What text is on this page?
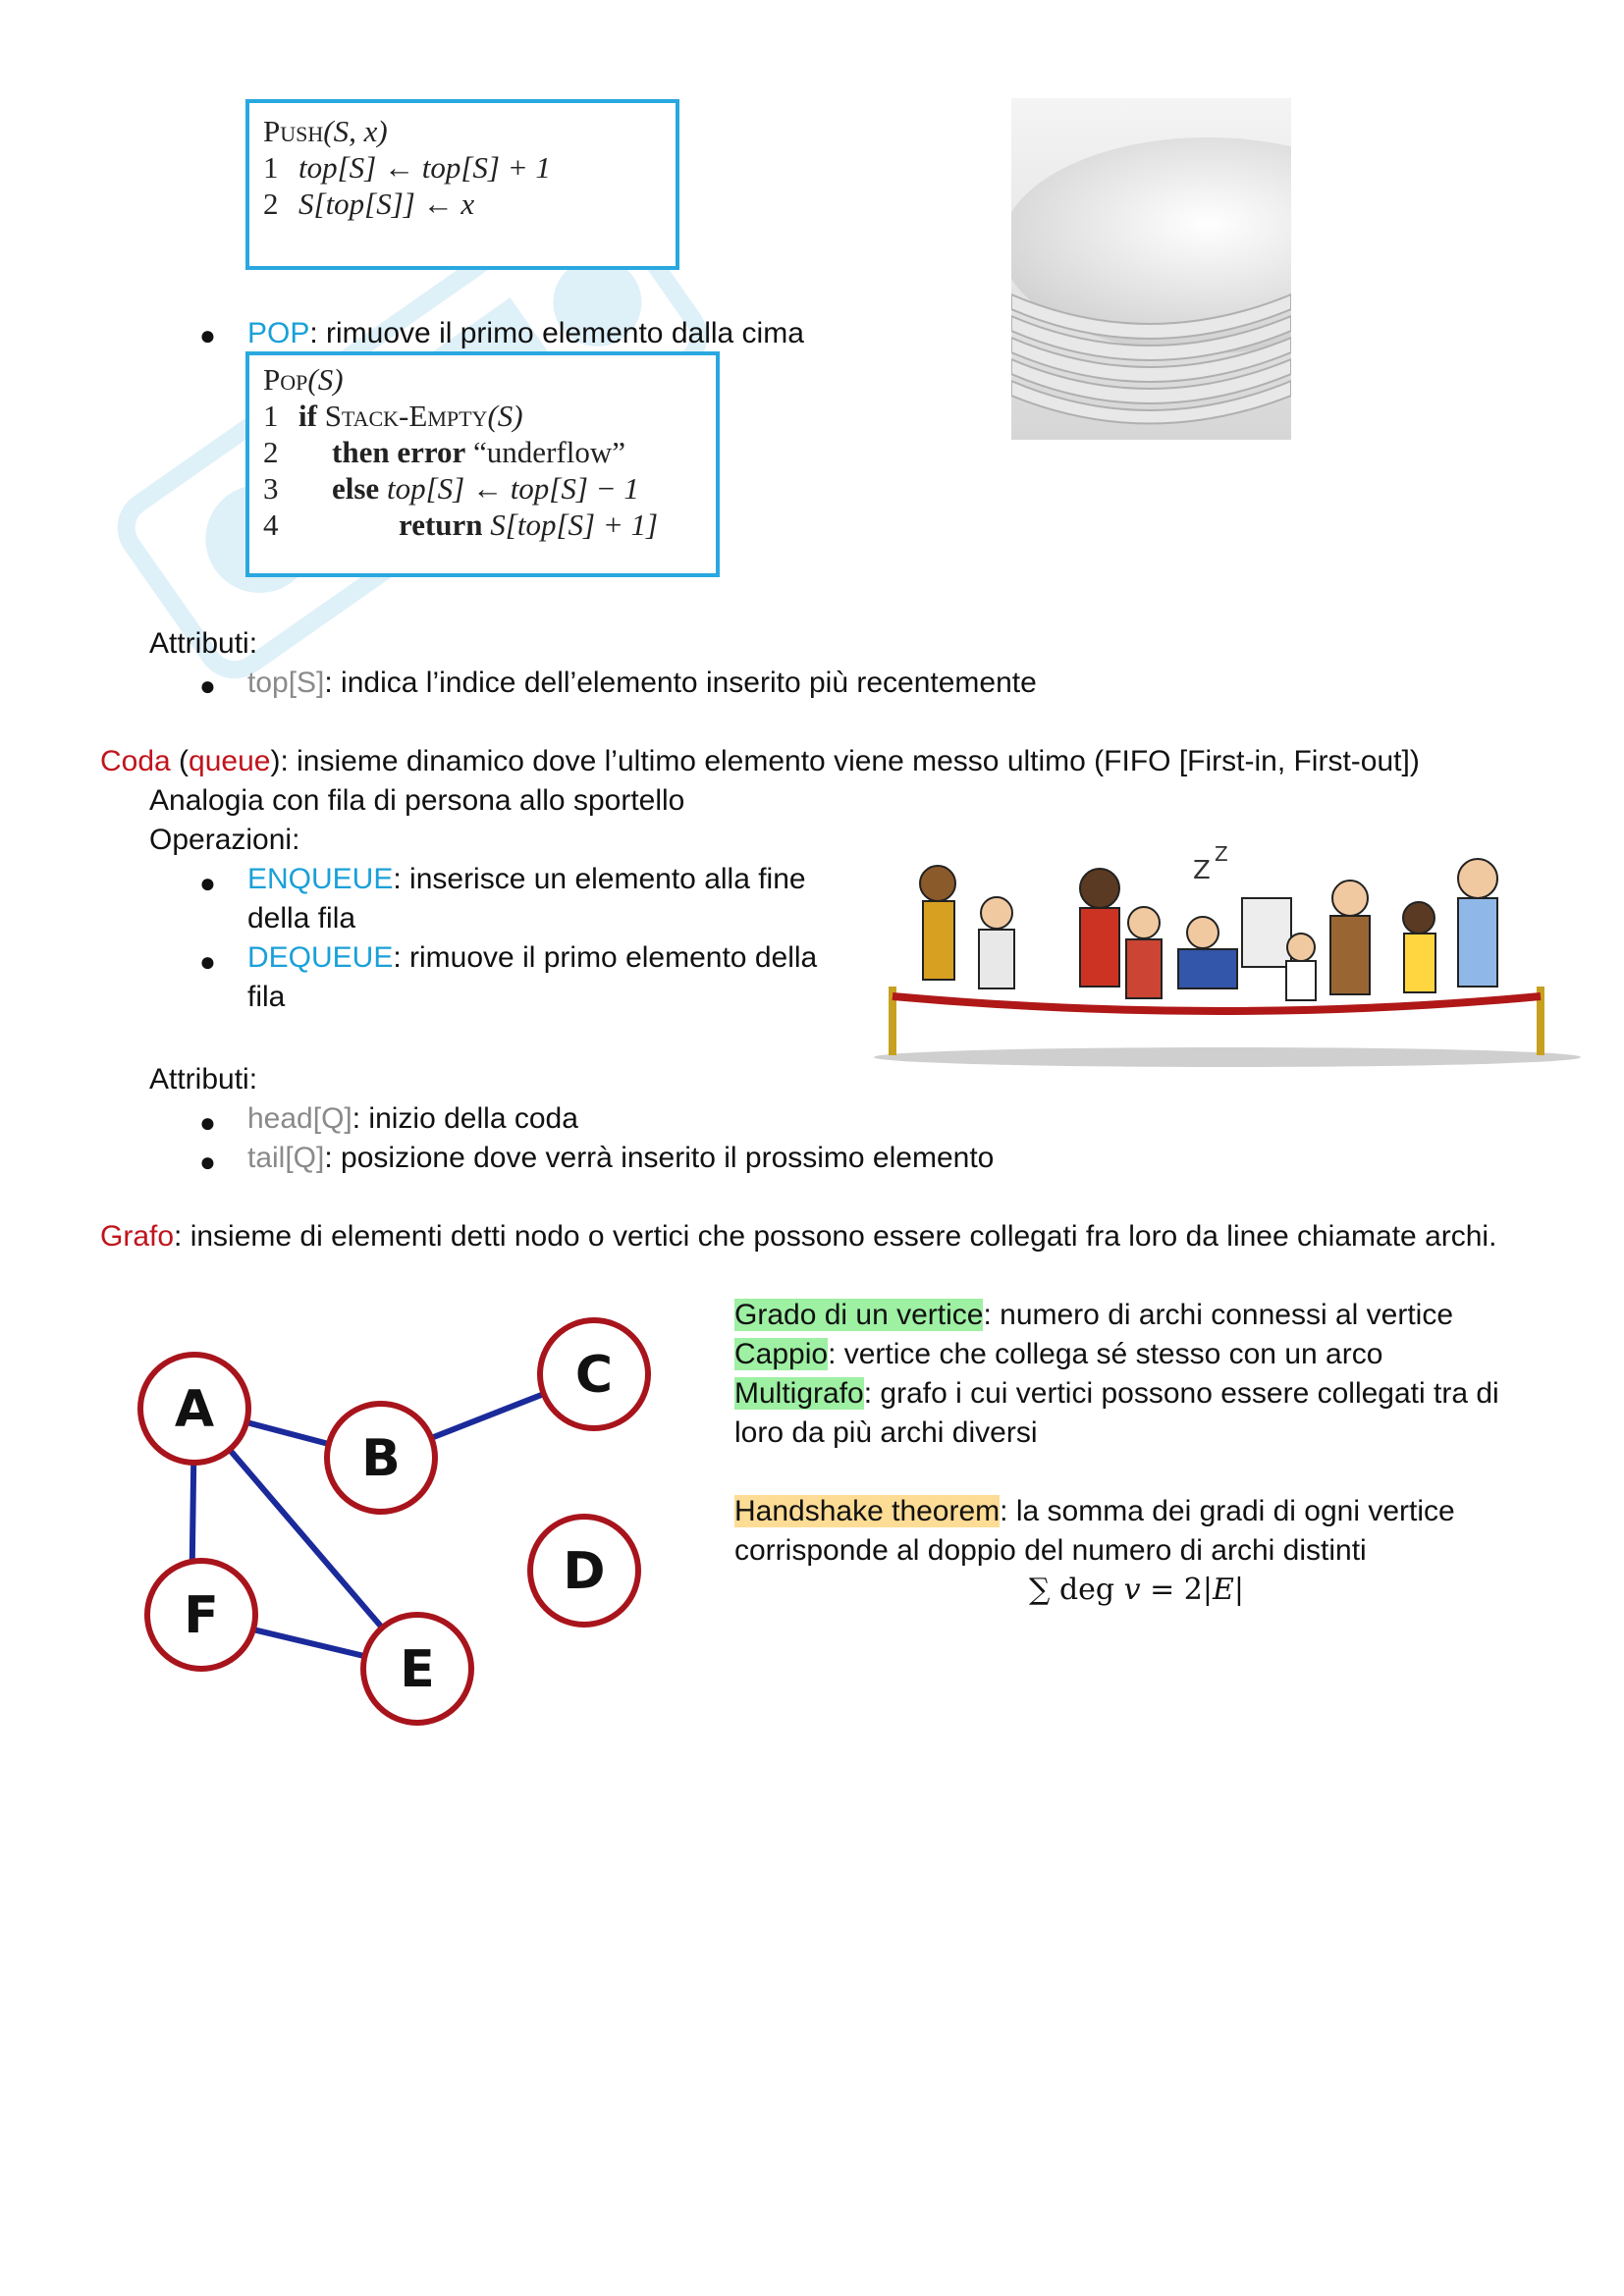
Push(S, x)
1 top[S] ← top[S] + 1
2 S[top[S]] ← x
● POP: rimuove il primo elemento dalla cima
Pop(S)
1 if Stack-Empty(S)
2 then error “underflow”
3 else top[S] ← top[S] − 1
4	return S[top[S] + 1]
Attributi:
● top[S]: indica l’indice dell’elemento inserito più recentemente
Coda (queue): insieme dinamico dove l’ultimo elemento viene messo ultimo (FIFO [First-in, First-out])
Analogia con fila di persona allo sportello
Operazioni:
● ENQUEUE: inserisce un elemento alla fine
della fila
● DEQUEUE: rimuove il primo elemento della
fila
Z
Z
Attributi:
● head[Q]: inizio della coda
● tail[Q]: posizione dove verrà inserito il prossimo elemento
Grafo: insieme di elementi detti nodo o vertici che possono essere collegati fra loro da linee chiamate archi.
A
B
C
D
E
F
Grado di un vertice: numero di archi connessi al vertice
Cappio: vertice che collega sé stesso con un arco
Multigrafo: grafo i cui vertici possono essere collegati tra di
loro da più archi diversi
Handshake theorem: la somma dei gradi di ogni vertice
corrisponde al doppio del numero di archi distinti
∑ deg 𝑣 = 2|𝐸|
